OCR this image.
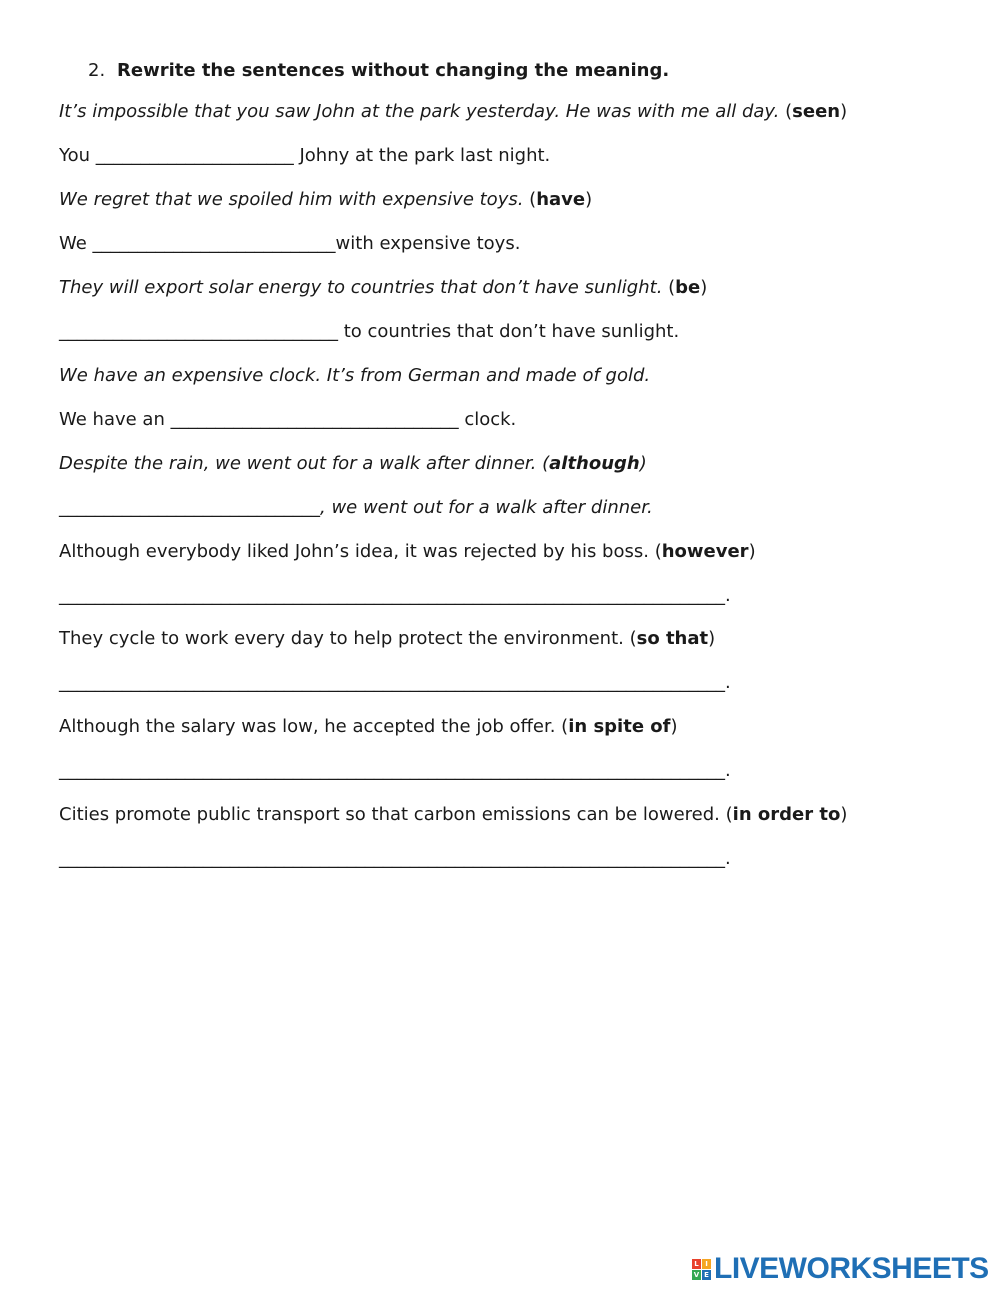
2. Rewrite the sentences without changing the meaning.
It’s impossible that you saw John at the park yesterday. He was with me all day. (seen)
You ______________________ Johny at the park last night.
We regret that we spoiled him with expensive toys. (have)
We ___________________________with expensive toys.
They will export solar energy to countries that don’t have sunlight. (be)
_______________________________ to countries that don’t have sunlight.
We have an expensive clock. It’s from German and made of gold.
We have an ________________________________ clock.
Despite the rain, we went out for a walk after dinner. (although)
_____________________________, we went out for a walk after dinner.
Although everybody liked John’s idea, it was rejected by his boss. (however)
__________________________________________________________________________.
They cycle to work every day to help protect the environment. (so that)
__________________________________________________________________________.
Although the salary was low, he accepted the job offer. (in spite of)
__________________________________________________________________________.
Cities promote public transport so that carbon emissions can be lowered. (in order to)
__________________________________________________________________________.
L I
V E LIVEWORKSHEETS
